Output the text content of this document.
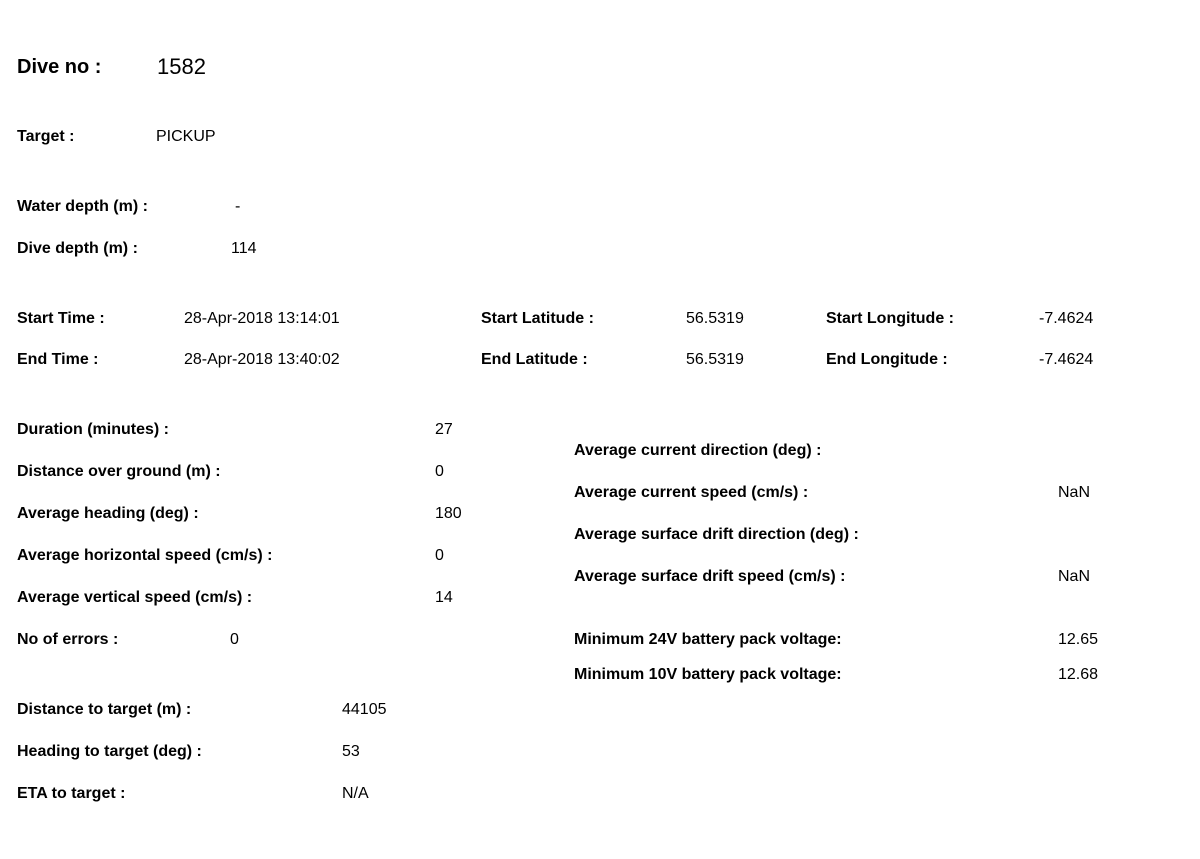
Dive no :	1582
Target :	PICKUP
Water depth (m) :	-
Dive depth (m) :	114
Start Time :	28-Apr-2018 13:14:01	Start Latitude :	56.5319	Start Longitude :	-7.4624
End Time :	28-Apr-2018 13:40:02	End Latitude :	56.5319	End Longitude :	-7.4624
Duration (minutes) :	27
Distance over ground (m) :	0
Average heading (deg) :	180
Average horizontal speed (cm/s) :	0
Average vertical speed (cm/s) :	14
No of errors :	0
Average current direction (deg) :
Average current speed (cm/s) :	NaN
Average surface drift direction (deg) :
Average surface drift speed (cm/s) :	NaN
Minimum 24V battery pack voltage:	12.65
Minimum 10V battery pack voltage:	12.68
Distance to target (m) :	44105
Heading to target (deg) :	53
ETA to target :	N/A
